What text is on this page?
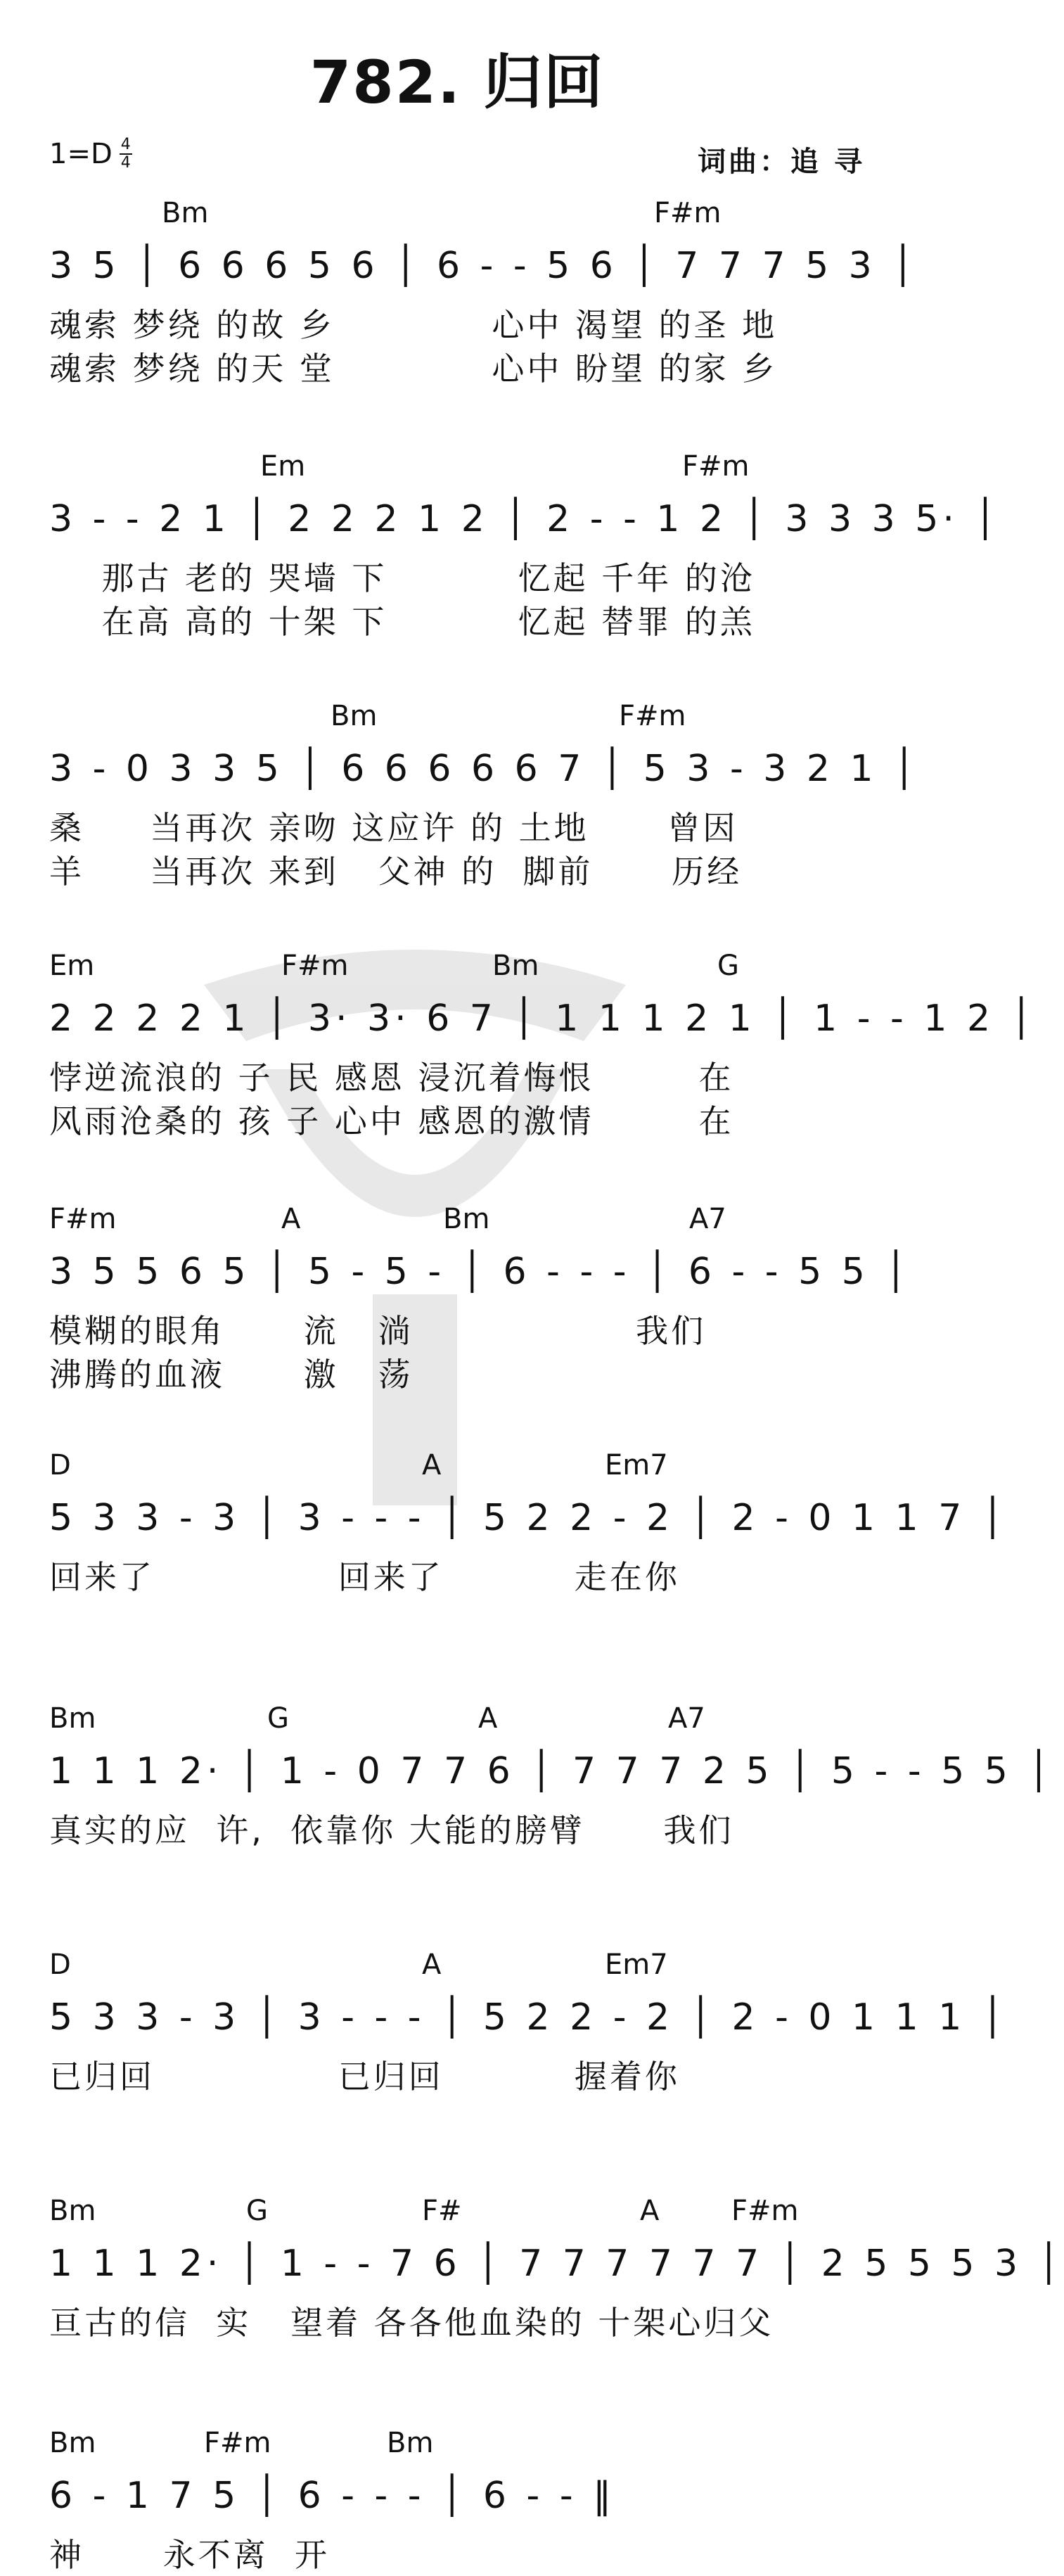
782. 归回
1=D 4
4	词曲：追 寻
Bm	F#m
3 5 │ 6 6 6 5 6 │ 6 - - 5 6 │ 7 7 7 5 3 │
魂索 梦绕 的故 乡            心中 渴望 的圣 地
魂索 梦绕 的天 堂            心中 盼望 的家 乡
Em	F#m
3 - - 2 1 │ 2 2 2 1 2 │ 2 - - 1 2 │ 3 3 3 5· │
那古 老的 哭墙 下          忆起 千年 的沧
在高 高的 十架 下          忆起 替罪 的羔
Bm	F#m
3 - 0 3 3 5 │ 6 6 6 6 6 7 │ 5 3 - 3 2 1 │
桑     当再次 亲吻 这应许 的 土地      曾因
羊     当再次 来到   父神 的  脚前      历经
Em	F#m	Bm	G
2 2 2 2 1 │ 3· 3· 6 7 │ 1 1 1 2 1 │ 1 - - 1 2 │
悖逆流浪的 子 民 感恩 浸沉着悔恨        在
风雨沧桑的 孩 子 心中 感恩的激情        在
F#m	A	Bm	A7
3 5 5 6 5 │ 5 - 5 - │ 6 - - - │ 6 - - 5 5 │
模糊的眼角      流   淌                 我们
沸腾的血液      激   荡
D	A	Em7
5 3 3 - 3 │ 3 - - - │ 5 2 2 - 2 │ 2 - 0 1 1 7 │
回来了              回来了          走在你
Bm	G	A	A7
1 1 1 2· │ 1 - 0 7 7 6 │ 7 7 7 2 5 │ 5 - - 5 5 │
真实的应  许,  依靠你 大能的膀臂      我们
D	A	Em7
5 3 3 - 3 │ 3 - - - │ 5 2 2 - 2 │ 2 - 0 1 1 1 │
已归回              已归回          握着你
Bm	G	F#	A	F#m
1 1 1 2· │ 1 - - 7 6 │ 7 7 7 7 7 7 │ 2 5 5 5 3 │
亘古的信  实   望着 各各他血染的 十架心归父
Bm	F#m	Bm
6 - 1 7 5 │ 6 - - - │ 6 - - ‖
神      永不离  开
